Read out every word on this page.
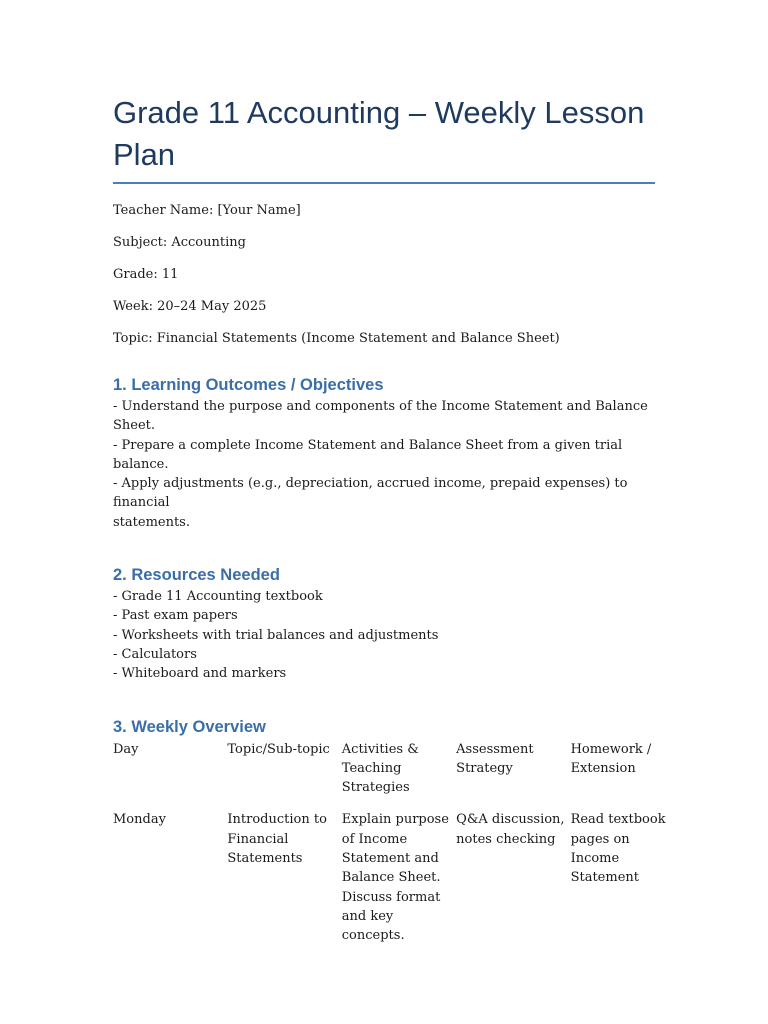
Grade 11 Accounting – Weekly Lesson Plan

Teacher Name: [Your Name]

Subject: Accounting

Grade: 11

Week: 20–24 May 2025

Topic: Financial Statements (Income Statement and Balance Sheet)

1. Learning Outcomes / Objectives
- Understand the purpose and components of the Income Statement and Balance Sheet.
- Prepare a complete Income Statement and Balance Sheet from a given trial balance.
- Apply adjustments (e.g., depreciation, accrued income, prepaid expenses) to financial
statements.
2. Resources Needed
- Grade 11 Accounting textbook
- Past exam papers
- Worksheets with trial balances and adjustments
- Calculators
- Whiteboard and markers
3. Weekly Overview
Day	Topic/Sub-topic	Activities & Teaching Strategies	Assessment Strategy	Homework / Extension

Monday	Introduction to Financial Statements	Explain purpose of Income Statement and Balance Sheet. Discuss format and key concepts.	Q&A discussion, notes checking	Read textbook pages on Income Statement
